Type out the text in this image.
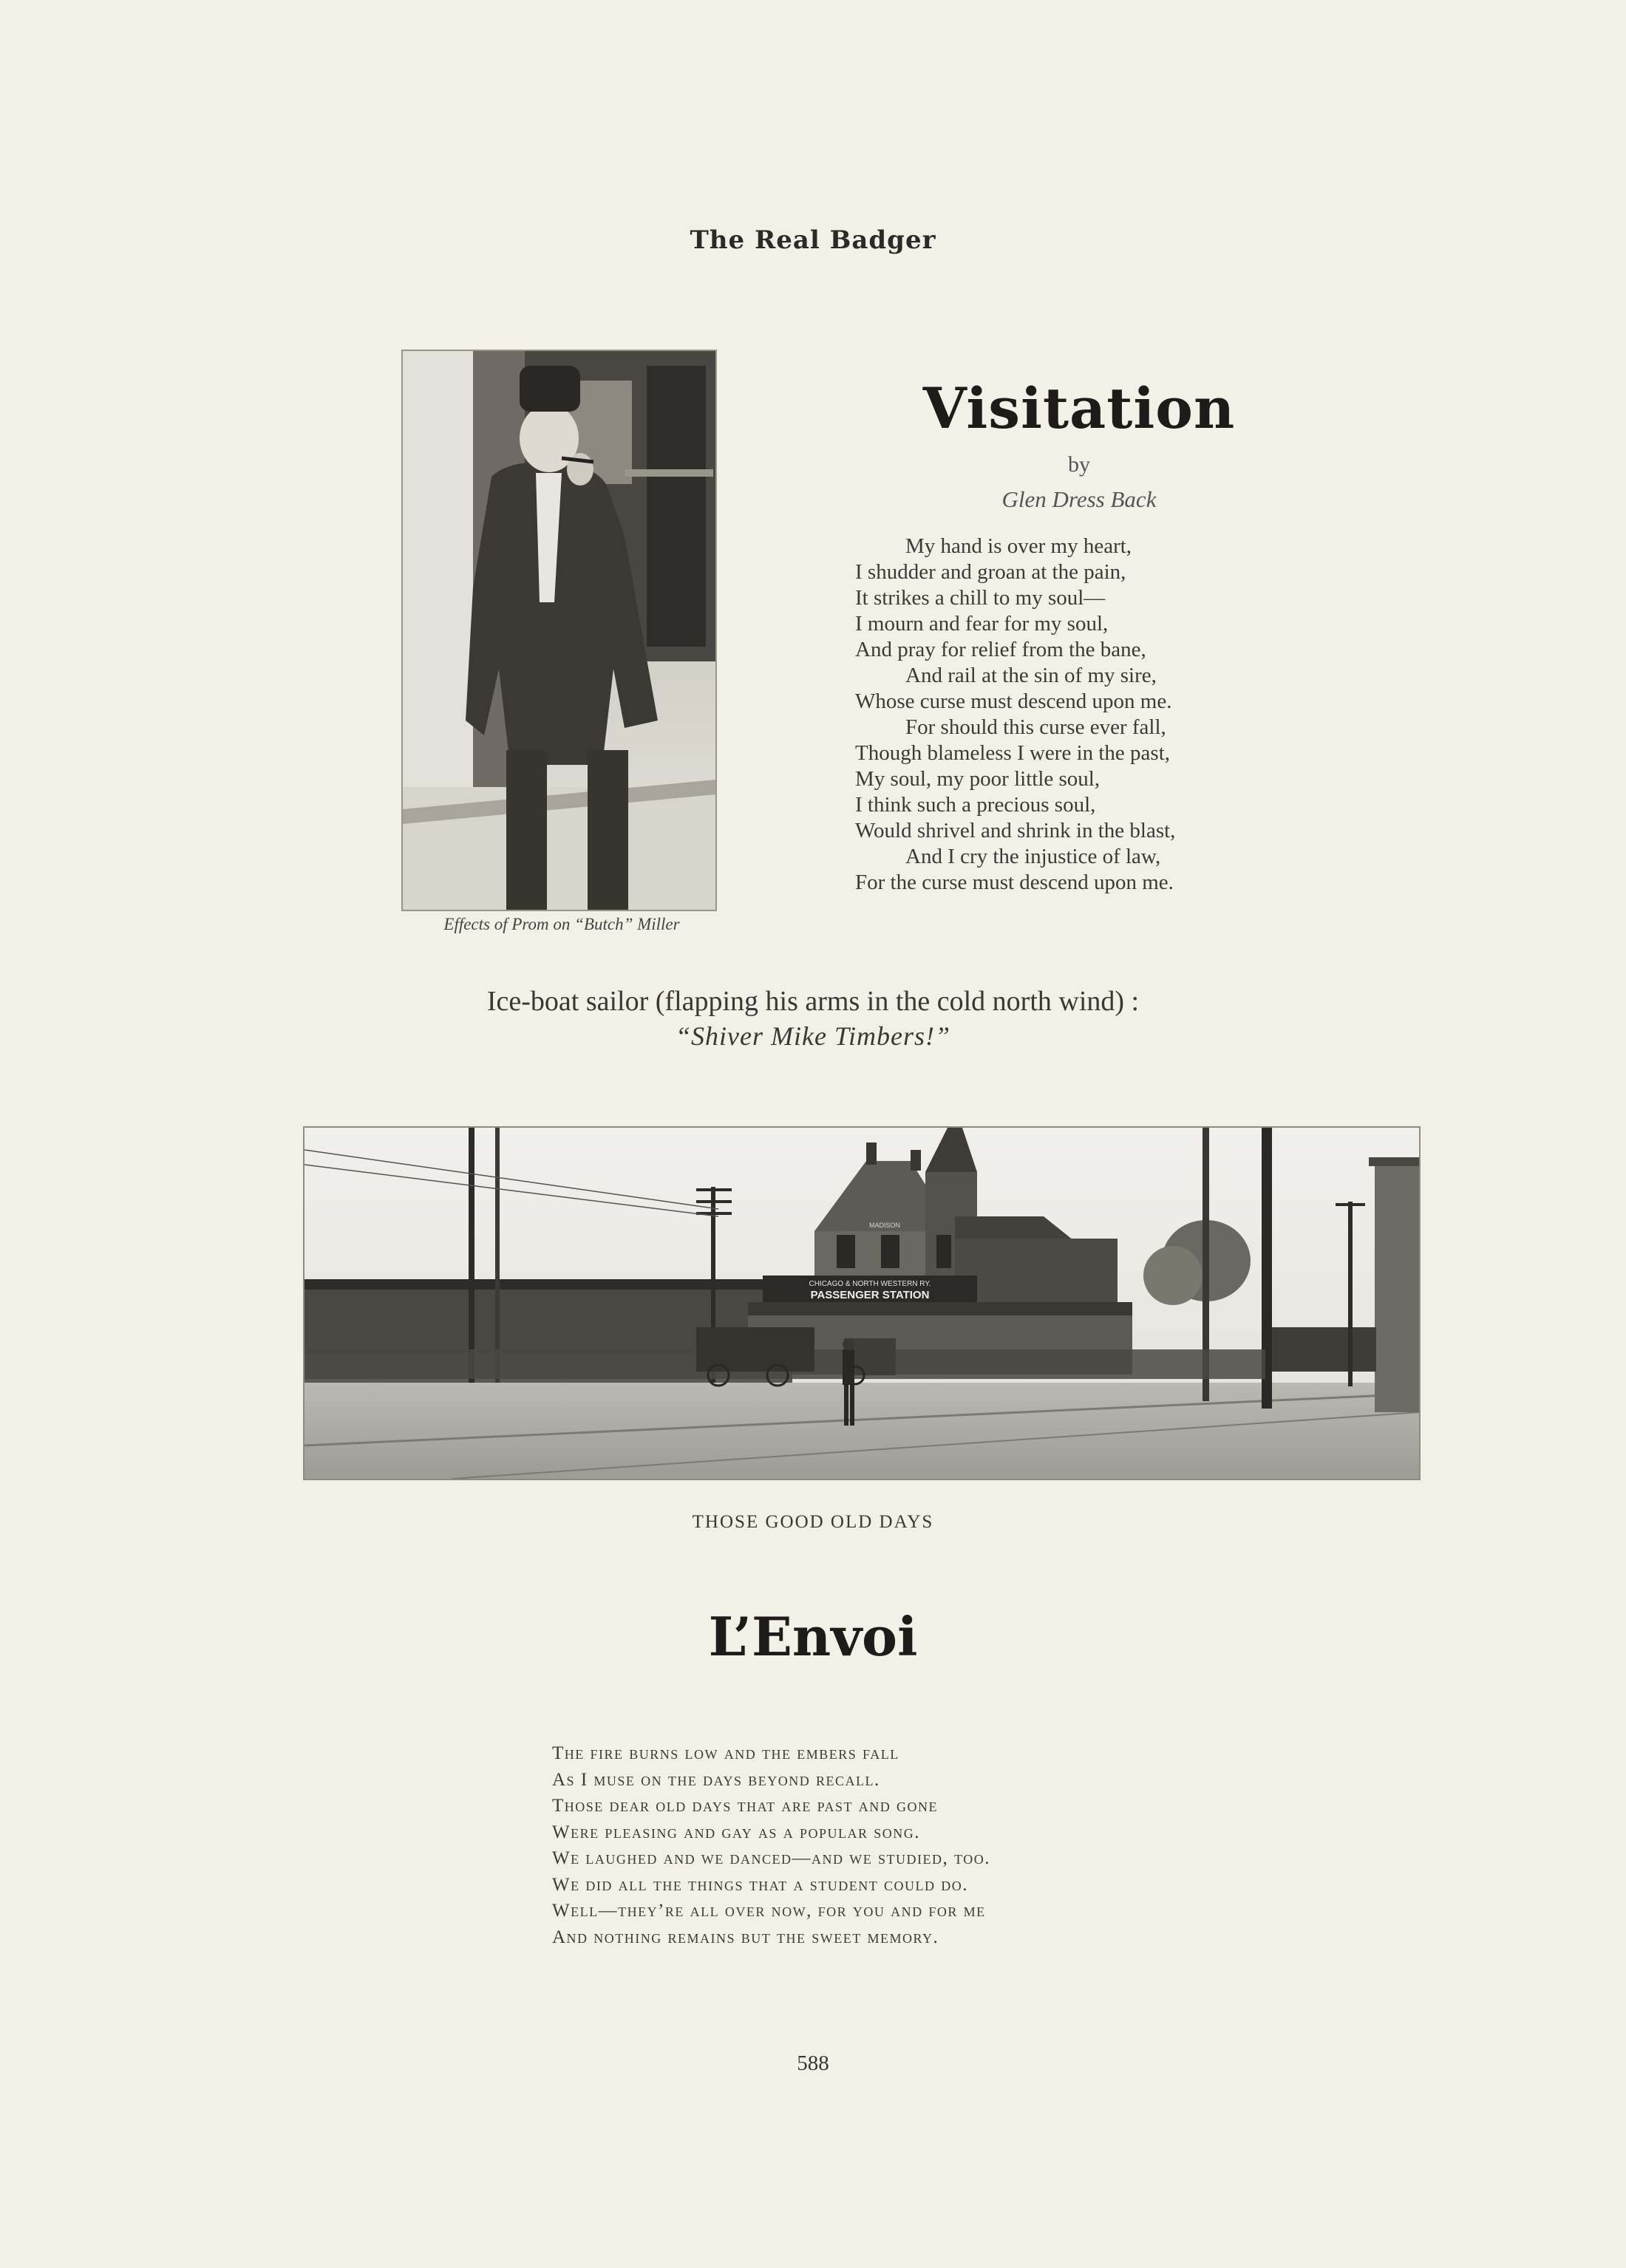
The Real Badger
Effects of Prom on “Butch” Miller
Visitation
by
Glen Dress Back
My hand is over my heart,
I shudder and groan at the pain,
It strikes a chill to my soul—
I mourn and fear for my soul,
And pray for relief from the bane,
And rail at the sin of my sire,
Whose curse must descend upon me.
For should this curse ever fall,
Though blameless I were in the past,
My soul, my poor little soul,
I think such a precious soul,
Would shrivel and shrink in the blast,
And I cry the injustice of law,
For the curse must descend upon me.
Ice-boat sailor (flapping his arms in the cold north wind) :
“Shiver Mike Timbers!”
CHICAGO & NORTH WESTERN RY.
PASSENGER STATION
MADISON
THOSE GOOD OLD DAYS
L’Envoi
The fire burns low and the embers fall
As I muse on the days beyond recall.
Those dear old days that are past and gone
Were pleasing and gay as a popular song.
We laughed and we danced—and we studied, too.
We did all the things that a student could do.
Well—they’re all over now, for you and for me
And nothing remains but the sweet memory.
588
